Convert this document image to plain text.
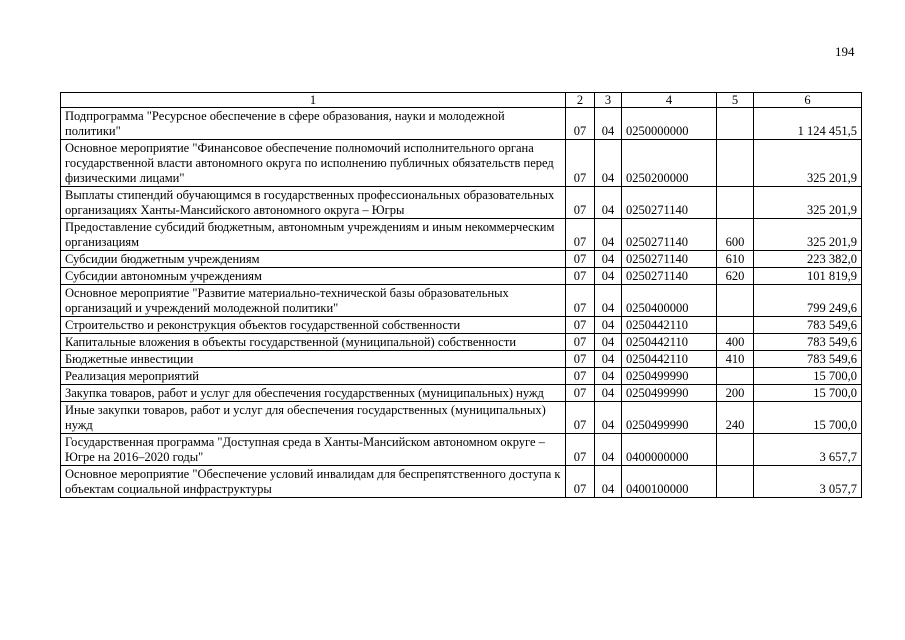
194
1	2	3	4	5	6
Подпрограмма "Ресурсное обеспечение в сфере образования, науки и молодежной политики"	07	04	0250000000		1 124 451,5
Основное мероприятие "Финансовое обеспечение полномочий исполнительного органа государственной власти автономного округа по исполнению публичных обязательств перед физическими лицами"	07	04	0250200000		325 201,9
Выплаты стипендий обучающимся в государственных профессиональных образовательных организациях Ханты-Мансийского автономного округа – Югры	07	04	0250271140		325 201,9
Предоставление субсидий бюджетным, автономным учреждениям и иным некоммерческим организациям	07	04	0250271140	600	325 201,9
Субсидии бюджетным учреждениям	07	04	0250271140	610	223 382,0
Субсидии автономным учреждениям	07	04	0250271140	620	101 819,9
Основное мероприятие "Развитие материально-технической базы образовательных организаций и учреждений молодежной политики"	07	04	0250400000		799 249,6
Строительство и реконструкция объектов государственной собственности	07	04	0250442110		783 549,6
Капитальные вложения в объекты государственной (муниципальной) собственности	07	04	0250442110	400	783 549,6
Бюджетные инвестиции	07	04	0250442110	410	783 549,6
Реализация мероприятий	07	04	0250499990		15 700,0
Закупка товаров, работ и услуг для обеспечения государственных (муниципальных) нужд	07	04	0250499990	200	15 700,0
Иные закупки товаров, работ и услуг для обеспечения государственных (муниципальных) нужд	07	04	0250499990	240	15 700,0
Государственная программа "Доступная среда в Ханты-Мансийском автономном округе – Югре на 2016–2020 годы"	07	04	0400000000		3 657,7
Основное мероприятие "Обеспечение условий инвалидам для беспрепятственного доступа к объектам социальной инфраструктуры	07	04	0400100000		3 057,7
